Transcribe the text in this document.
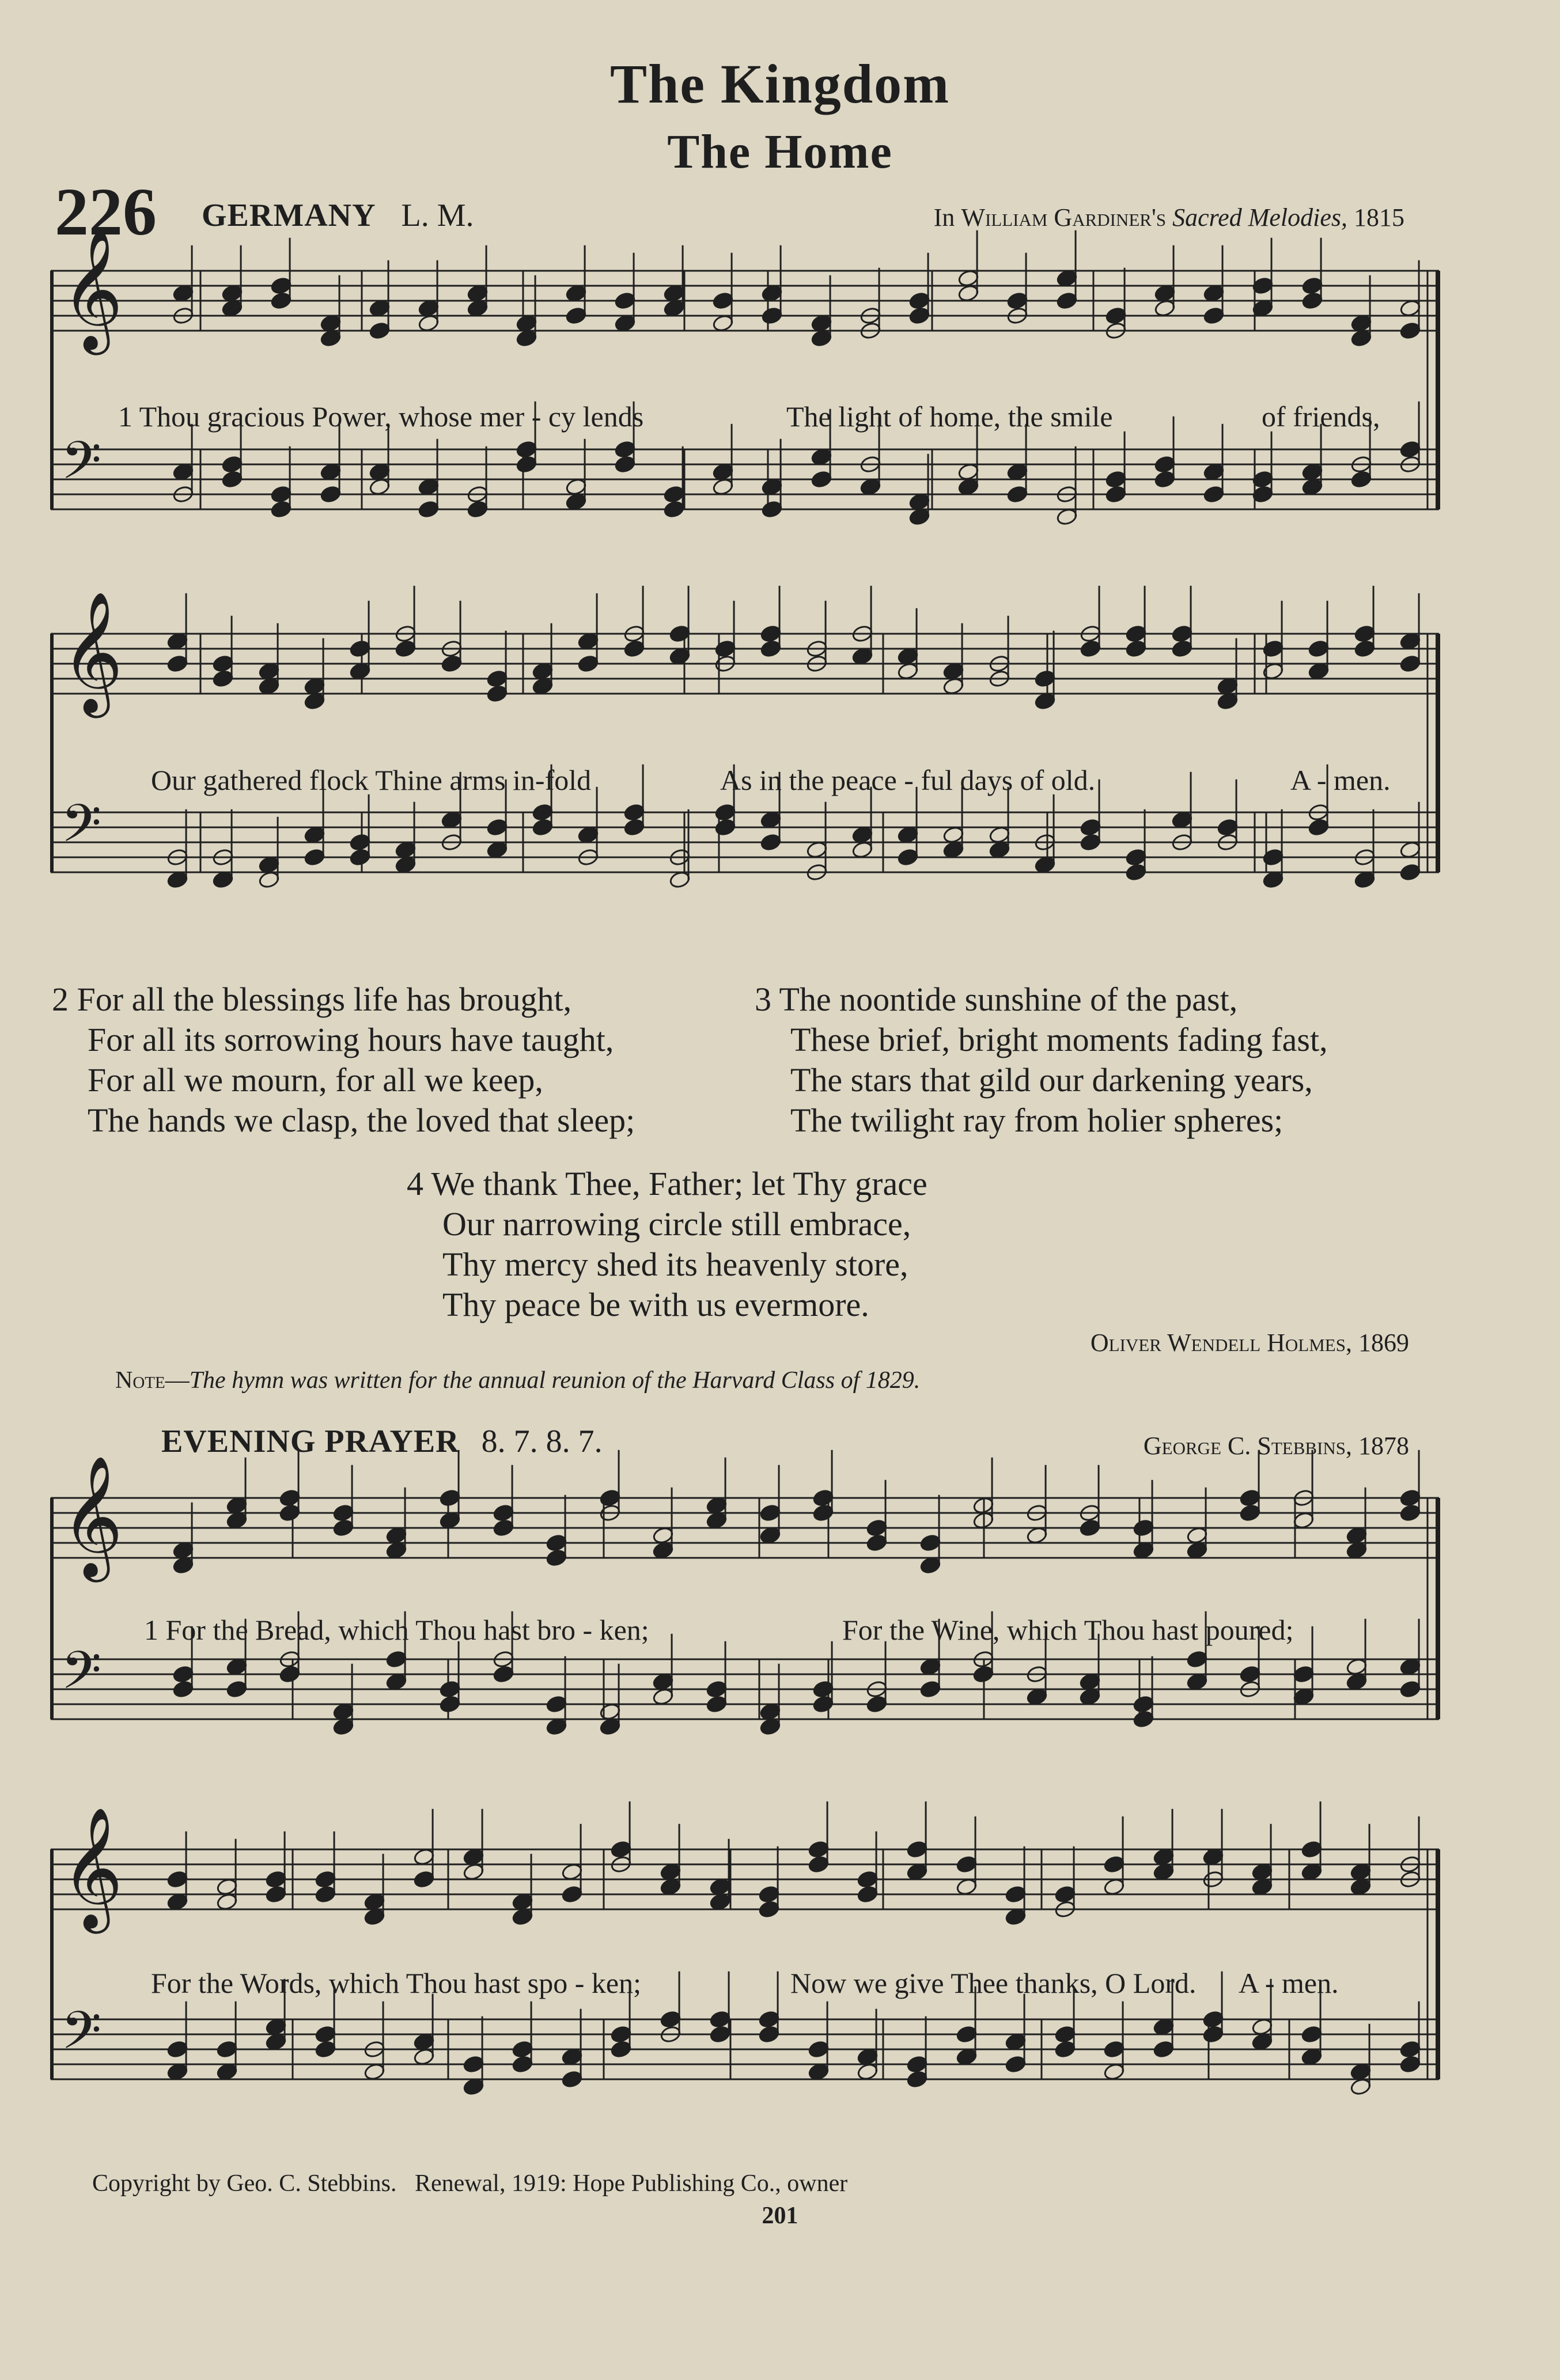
The Kingdom
The Home
226 GERMANY L. M.	In William Gardiner's Sacred Melodies, 1815
𝄞
𝄢
𝄞
𝄢
𝄞
𝄢
𝄞
𝄢
1 Thou gracious Power, whose mer - cy lends	The light of home, the smile	of friends,
Our gathered flock Thine arms in-fold	As in the peace - ful days of old.	A - men.
2 For all the blessings life has brought,
For all its sorrowing hours have taught,
For all we mourn, for all we keep,
The hands we clasp, the loved that sleep;
3 The noontide sunshine of the past,
These brief, bright moments fading fast,
The stars that gild our darkening years,
The twilight ray from holier spheres;
4 We thank Thee, Father; let Thy grace
Our narrowing circle still embrace,
Thy mercy shed its heavenly store,
Thy peace be with us evermore.
Oliver Wendell Holmes, 1869
Note—The hymn was written for the annual reunion of the Harvard Class of 1829.
EVENING PRAYER 8. 7. 8. 7.	George C. Stebbins, 1878
1 For the Bread, which Thou hast bro - ken;	For the Wine, which Thou hast poured;
For the Words, which Thou hast spo - ken;	Now we give Thee thanks, O Lord. A - men.
Copyright by Geo. C. Stebbins.   Renewal, 1919: Hope Publishing Co., owner
201
